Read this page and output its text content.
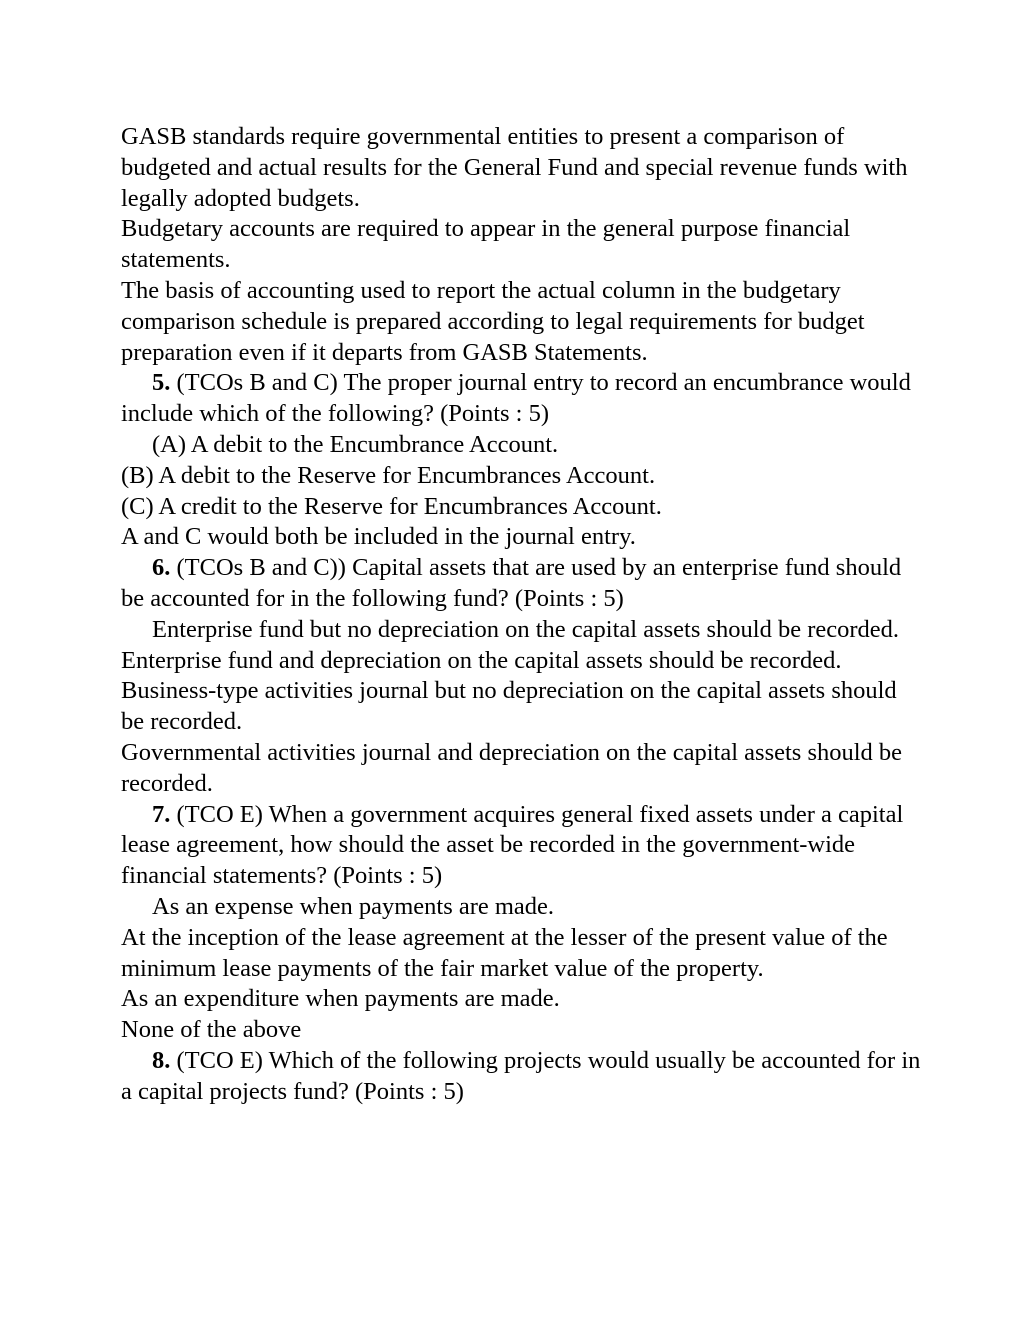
GASB standards require governmental entities to present a comparison of budgeted and actual results for the General Fund and special revenue funds with legally adopted budgets.

Budgetary accounts are required to appear in the general purpose financial statements.

The basis of accounting used to report the actual column in the budgetary comparison schedule is prepared according to legal requirements for budget preparation even if it departs from GASB Statements.

5. (TCOs B and C) The proper journal entry to record an encumbrance would include which of the following? (Points : 5)

(A) A debit to the Encumbrance Account.

(B) A debit to the Reserve for Encumbrances Account.

(C) A credit to the Reserve for Encumbrances Account.

A and C would both be included in the journal entry.

6. (TCOs B and C)) Capital assets that are used by an enterprise fund should be accounted for in the following fund? (Points : 5)

Enterprise fund but no depreciation on the capital assets should be recorded.

Enterprise fund and depreciation on the capital assets should be recorded.

Business-type activities journal but no depreciation on the capital assets should be recorded.

Governmental activities journal and depreciation on the capital assets should be recorded.

7. (TCO E) When a government acquires general fixed assets under a capital lease agreement, how should the asset be recorded in the government-wide financial statements? (Points : 5)

As an expense when payments are made.

At the inception of the lease agreement at the lesser of the present value of the minimum lease payments of the fair market value of the property.

As an expenditure when payments are made.

None of the above

8. (TCO E) Which of the following projects would usually be accounted for in a capital projects fund? (Points : 5)
